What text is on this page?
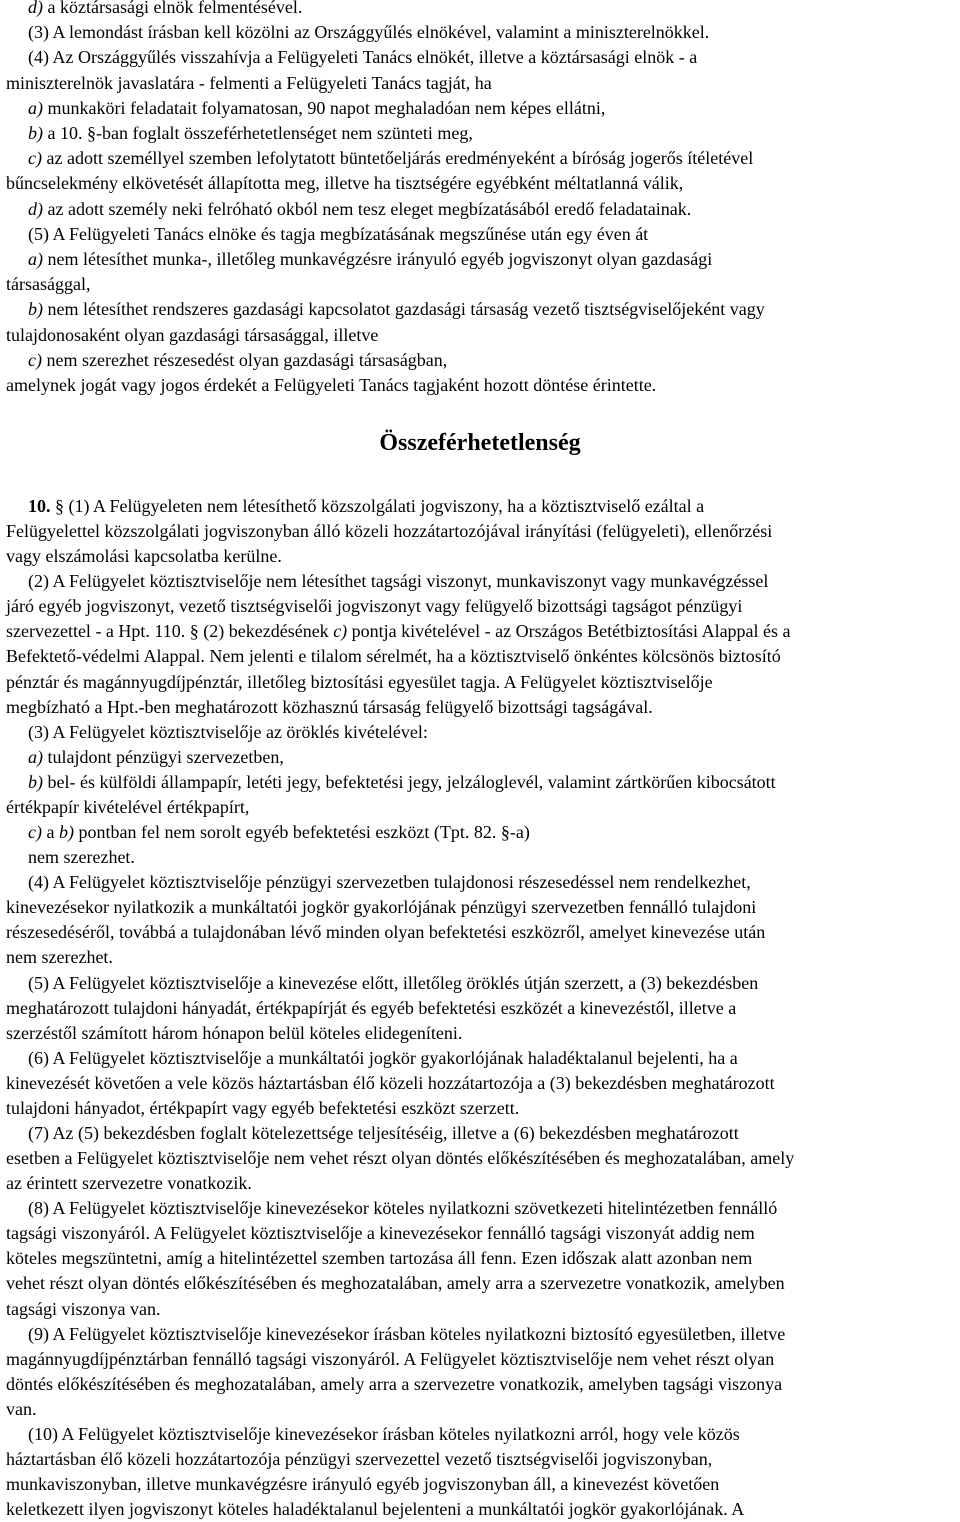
d) a köztársasági elnök felmentésével.
(3) A lemondást írásban kell közölni az Országgyűlés elnökével, valamint a miniszterelnökkel.
(4) Az Országgyűlés visszahívja a Felügyeleti Tanács elnökét, illetve a köztársasági elnök - a
miniszterelnök javaslatára - felmenti a Felügyeleti Tanács tagját, ha
a) munkaköri feladatait folyamatosan, 90 napot meghaladóan nem képes ellátni,
b) a 10. §-ban foglalt összeférhetetlenséget nem szünteti meg,
c) az adott személlyel szemben lefolytatott büntetőeljárás eredményeként a bíróság jogerős ítéletével
bűncselekmény elkövetését állapította meg, illetve ha tisztségére egyébként méltatlanná válik,
d) az adott személy neki felróható okból nem tesz eleget megbízatásából eredő feladatainak.
(5) A Felügyeleti Tanács elnöke és tagja megbízatásának megszűnése után egy éven át
a) nem létesíthet munka-, illetőleg munkavégzésre irányuló egyéb jogviszonyt olyan gazdasági
társasággal,
b) nem létesíthet rendszeres gazdasági kapcsolatot gazdasági társaság vezető tisztségviselőjeként vagy
tulajdonosaként olyan gazdasági társasággal, illetve
c) nem szerezhet részesedést olyan gazdasági társaságban,
amelynek jogát vagy jogos érdekét a Felügyeleti Tanács tagjaként hozott döntése érintette.
Összeférhetetlenség
10. § (1) A Felügyeleten nem létesíthető közszolgálati jogviszony, ha a köztisztviselő ezáltal a
Felügyelettel közszolgálati jogviszonyban álló közeli hozzátartozójával irányítási (felügyeleti), ellenőrzési
vagy elszámolási kapcsolatba kerülne.
(2) A Felügyelet köztisztviselője nem létesíthet tagsági viszonyt, munkaviszonyt vagy munkavégzéssel
járó egyéb jogviszonyt, vezető tisztségviselői jogviszonyt vagy felügyelő bizottsági tagságot pénzügyi
szervezettel - a Hpt. 110. § (2) bekezdésének c) pontja kivételével - az Országos Betétbiztosítási Alappal és a
Befektető-védelmi Alappal. Nem jelenti e tilalom sérelmét, ha a köztisztviselő önkéntes kölcsönös biztosító
pénztár és magánnyugdíjpénztár, illetőleg biztosítási egyesület tagja. A Felügyelet köztisztviselője
megbízható a Hpt.-ben meghatározott közhasznú társaság felügyelő bizottsági tagságával.
(3) A Felügyelet köztisztviselője az öröklés kivételével:
a) tulajdont pénzügyi szervezetben,
b) bel- és külföldi állampapír, letéti jegy, befektetési jegy, jelzáloglevél, valamint zártkörűen kibocsátott
értékpapír kivételével értékpapírt,
c) a b) pontban fel nem sorolt egyéb befektetési eszközt (Tpt. 82. §-a)
nem szerezhet.
(4) A Felügyelet köztisztviselője pénzügyi szervezetben tulajdonosi részesedéssel nem rendelkezhet,
kinevezésekor nyilatkozik a munkáltatói jogkör gyakorlójának pénzügyi szervezetben fennálló tulajdoni
részesedéséről, továbbá a tulajdonában lévő minden olyan befektetési eszközről, amelyet kinevezése után
nem szerezhet.
(5) A Felügyelet köztisztviselője a kinevezése előtt, illetőleg öröklés útján szerzett, a (3) bekezdésben
meghatározott tulajdoni hányadát, értékpapírját és egyéb befektetési eszközét a kinevezéstől, illetve a
szerzéstől számított három hónapon belül köteles elidegeníteni.
(6) A Felügyelet köztisztviselője a munkáltatói jogkör gyakorlójának haladéktalanul bejelenti, ha a
kinevezését követően a vele közös háztartásban élő közeli hozzátartozója a (3) bekezdésben meghatározott
tulajdoni hányadot, értékpapírt vagy egyéb befektetési eszközt szerzett.
(7) Az (5) bekezdésben foglalt kötelezettsége teljesítéséig, illetve a (6) bekezdésben meghatározott
esetben a Felügyelet köztisztviselője nem vehet részt olyan döntés előkészítésében és meghozatalában, amely
az érintett szervezetre vonatkozik.
(8) A Felügyelet köztisztviselője kinevezésekor köteles nyilatkozni szövetkezeti hitelintézetben fennálló
tagsági viszonyáról. A Felügyelet köztisztviselője a kinevezésekor fennálló tagsági viszonyát addig nem
köteles megszüntetni, amíg a hitelintézettel szemben tartozása áll fenn. Ezen időszak alatt azonban nem
vehet részt olyan döntés előkészítésében és meghozatalában, amely arra a szervezetre vonatkozik, amelyben
tagsági viszonya van.
(9) A Felügyelet köztisztviselője kinevezésekor írásban köteles nyilatkozni biztosító egyesületben, illetve
magánnyugdíjpénztárban fennálló tagsági viszonyáról. A Felügyelet köztisztviselője nem vehet részt olyan
döntés előkészítésében és meghozatalában, amely arra a szervezetre vonatkozik, amelyben tagsági viszonya
van.
(10) A Felügyelet köztisztviselője kinevezésekor írásban köteles nyilatkozni arról, hogy vele közös
háztartásban élő közeli hozzátartozója pénzügyi szervezettel vezető tisztségviselői jogviszonyban,
munkaviszonyban, illetve munkavégzésre irányuló egyéb jogviszonyban áll, a kinevezést követően
keletkezett ilyen jogviszonyt köteles haladéktalanul bejelenteni a munkáltatói jogkör gyakorlójának. A
